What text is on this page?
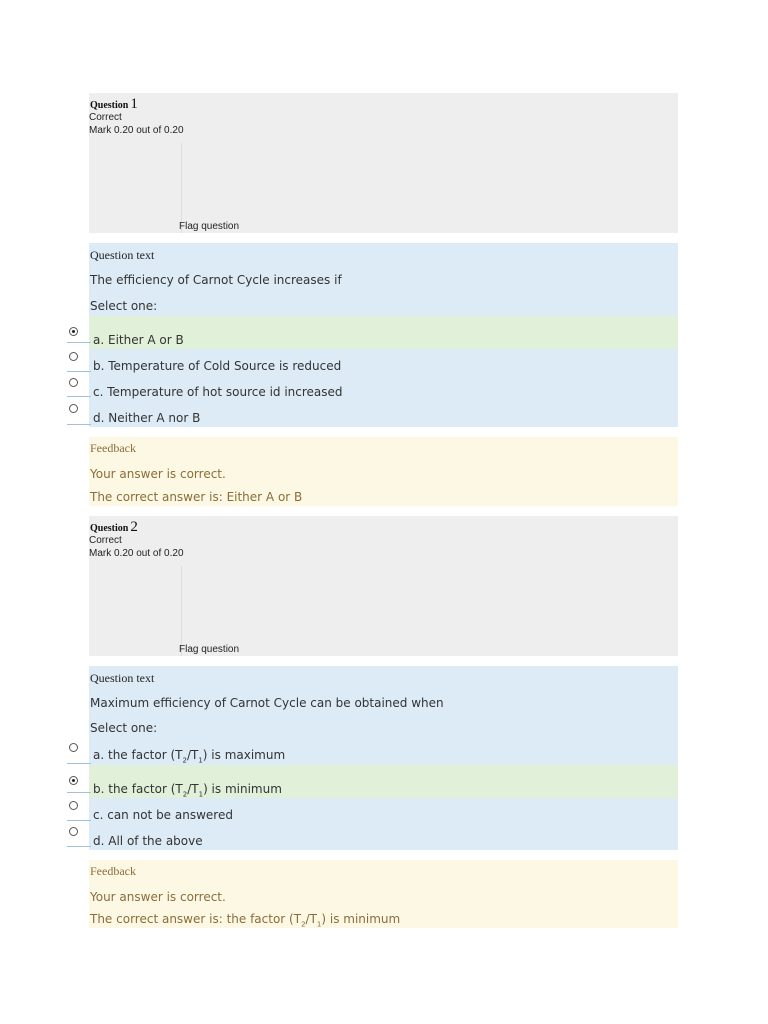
Question 1
Correct
Mark 0.20 out of 0.20
Flag question
Question text
The efficiency of Carnot Cycle increases if
Select one:
a. Either A or B
b. Temperature of Cold Source is reduced
c. Temperature of hot source id increased
d. Neither A nor B
Feedback
Your answer is correct.
The correct answer is: Either A or B
Question 2
Correct
Mark 0.20 out of 0.20
Flag question
Question text
Maximum efficiency of Carnot Cycle can be obtained when
Select one:
a. the factor $(T_2/T_1)$ is maximum
b. the factor $(T_2/T_1)$ is minimum
c. can not be answered
d. All of the above
Feedback
Your answer is correct.
The correct answer is: the factor $(T_2/T_1)$ is minimum
